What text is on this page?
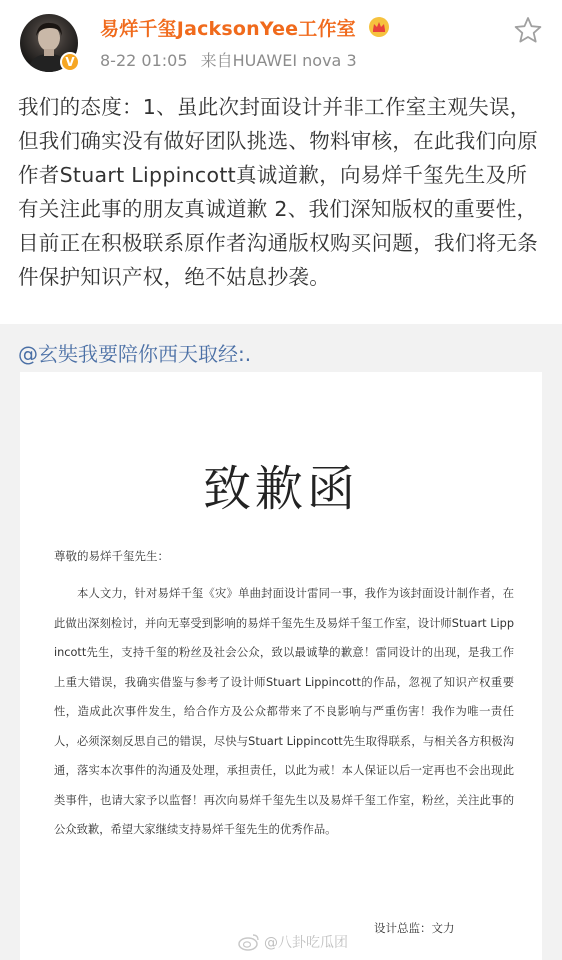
V
易烊千玺JacksonYee工作室
8-22 01:05 来自HUAWEI nova 3
我们的态度：1、虽此次封面设计并非工作室主观失误，但我们确实没有做好团队挑选、物料审核，在此我们向原作者Stuart Lippincott真诚道歉，向易烊千玺先生及所有关注此事的朋友真诚道歉 2、我们深知版权的重要性，目前正在积极联系原作者沟通版权购买问题，我们将无条件保护知识产权，绝不姑息抄袭。
@玄奘我要陪你西天取经:.
致歉函
尊敬的易烊千玺先生：
本人文力，针对易烊千玺《灾》单曲封面设计雷同一事，我作为该封面设计制作者，在此做出深刻检讨，并向无辜受到影响的易烊千玺先生及易烊千玺工作室，设计师Stuart Lippincott先生，支持千玺的粉丝及社会公众，致以最诚挚的歉意！雷同设计的出现，是我工作上重大错误，我确实借鉴与参考了设计师Stuart Lippincott的作品，忽视了知识产权重要性，造成此次事件发生，给合作方及公众都带来了不良影响与严重伤害！我作为唯一责任人，必须深刻反思自己的错误，尽快与Stuart Lippincott先生取得联系，与相关各方积极沟通，落实本次事件的沟通及处理，承担责任，以此为戒！本人保证以后一定再也不会出现此类事件，也请大家予以监督！再次向易烊千玺先生以及易烊千玺工作室，粉丝，关注此事的公众致歉，希望大家继续支持易烊千玺先生的优秀作品。
设计总监：文力
@八卦吃瓜团
